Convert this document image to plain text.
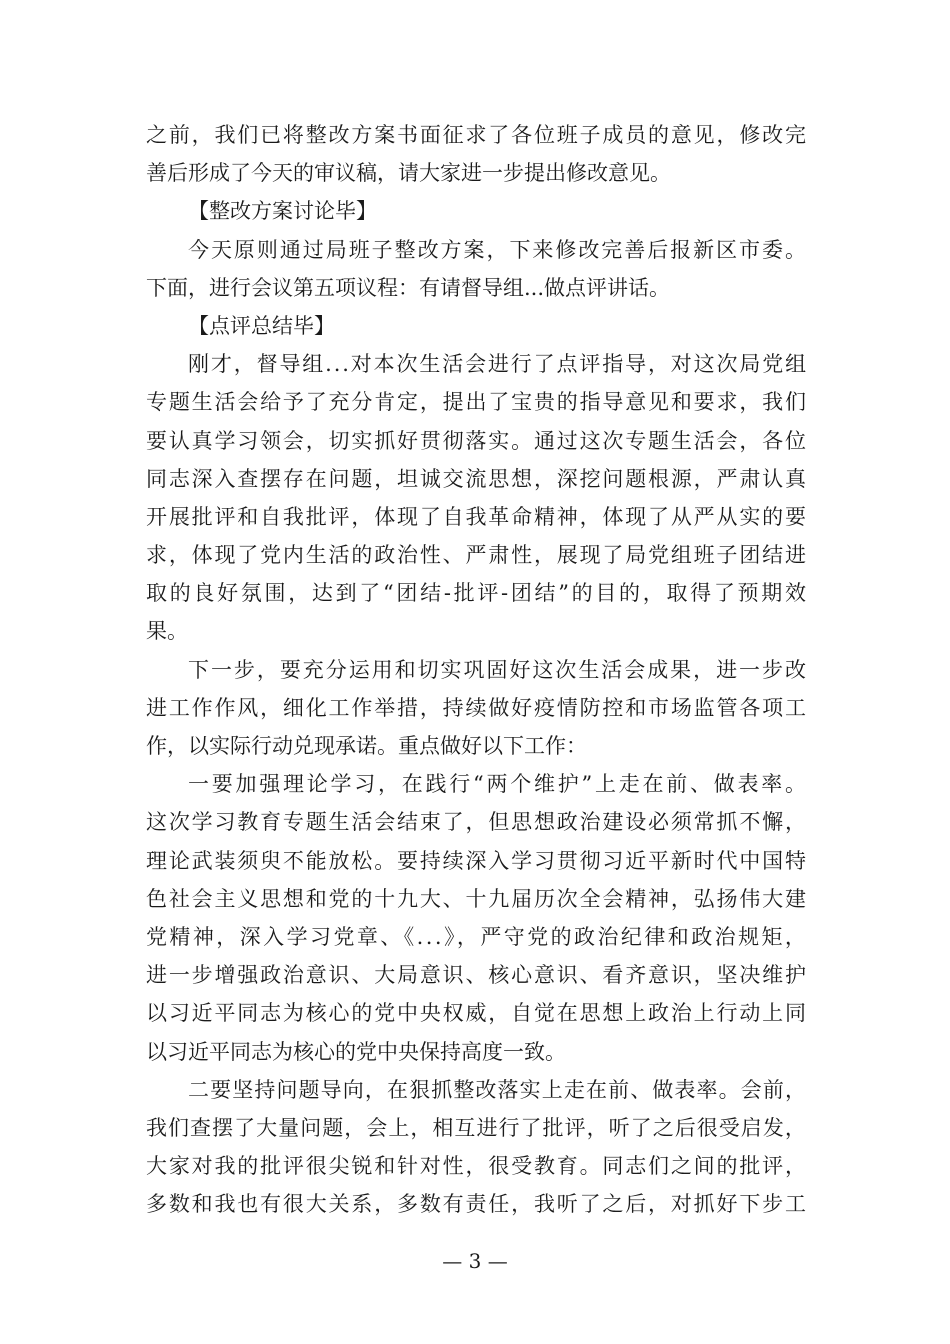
之前，我们已将整改方案书面征求了各位班子成员的意见，修改完
善后形成了今天的审议稿，请大家进一步提出修改意见。
【整改方案讨论毕】
今天原则通过局班子整改方案，下来修改完善后报新区市委。
下面，进行会议第五项议程：有请督导组...做点评讲话。
【点评总结毕】
刚才，督导组...对本次生活会进行了点评指导，对这次局党组
专题生活会给予了充分肯定，提出了宝贵的指导意见和要求，我们
要认真学习领会，切实抓好贯彻落实。通过这次专题生活会，各位
同志深入查摆存在问题，坦诚交流思想，深挖问题根源，严肃认真
开展批评和自我批评，体现了自我革命精神，体现了从严从实的要
求，体现了党内生活的政治性、严肃性，展现了局党组班子团结进
取的良好氛围，达到了“团结-批评-团结”的目的，取得了预期效
果。
下一步，要充分运用和切实巩固好这次生活会成果，进一步改
进工作作风，细化工作举措，持续做好疫情防控和市场监管各项工
作，以实际行动兑现承诺。重点做好以下工作：
一要加强理论学习，在践行“两个维护”上走在前、做表率。
这次学习教育专题生活会结束了，但思想政治建设必须常抓不懈，
理论武装须臾不能放松。要持续深入学习贯彻习近平新时代中国特
色社会主义思想和党的十九大、十九届历次全会精神，弘扬伟大建
党精神，深入学习党章、《...》，严守党的政治纪律和政治规矩，
进一步增强政治意识、大局意识、核心意识、看齐意识，坚决维护
以习近平同志为核心的党中央权威，自觉在思想上政治上行动上同
以习近平同志为核心的党中央保持高度一致。
二要坚持问题导向，在狠抓整改落实上走在前、做表率。会前，
我们查摆了大量问题，会上，相互进行了批评，听了之后很受启发，
大家对我的批评很尖锐和针对性，很受教育。同志们之间的批评，
多数和我也有很大关系，多数有责任，我听了之后，对抓好下步工
— 3 —
